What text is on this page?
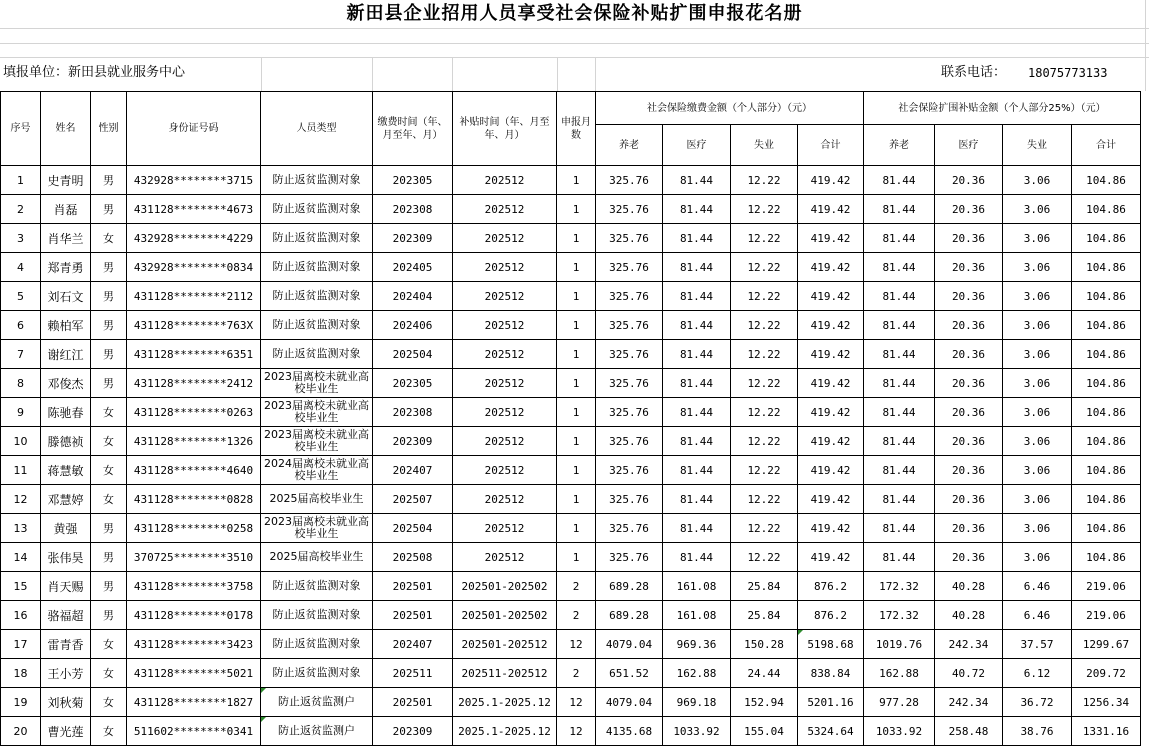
新田县企业招用人员享受社会保险补贴扩围申报花名册
填报单位：新田县就业服务中心	联系电话： 18075773133
序号	姓名	性别	身份证号码	人员类型	缴费时间（年、月至年、月）	补贴时间（年、月至年、月）	申报月数	社会保险缴费金额（个人部分）（元）				社会保险扩围补贴金额（个人部分25%）（元）			
								养老	医疗	失业	合计	养老	医疗	失业	合计
1	史青明	男	432928********3715	防止返贫监测对象	202305	202512	1	325.76	81.44	12.22	419.42	81.44	20.36	3.06	104.86
2	肖磊	男	431128********4673	防止返贫监测对象	202308	202512	1	325.76	81.44	12.22	419.42	81.44	20.36	3.06	104.86
3	肖华兰	女	432928********4229	防止返贫监测对象	202309	202512	1	325.76	81.44	12.22	419.42	81.44	20.36	3.06	104.86
4	郑青勇	男	432928********0834	防止返贫监测对象	202405	202512	1	325.76	81.44	12.22	419.42	81.44	20.36	3.06	104.86
5	刘石文	男	431128********2112	防止返贫监测对象	202404	202512	1	325.76	81.44	12.22	419.42	81.44	20.36	3.06	104.86
6	赖柏军	男	431128********763X	防止返贫监测对象	202406	202512	1	325.76	81.44	12.22	419.42	81.44	20.36	3.06	104.86
7	谢红江	男	431128********6351	防止返贫监测对象	202504	202512	1	325.76	81.44	12.22	419.42	81.44	20.36	3.06	104.86
8	邓俊杰	男	431128********2412	2023届离校未就业高校毕业生	202305	202512	1	325.76	81.44	12.22	419.42	81.44	20.36	3.06	104.86
9	陈驰春	女	431128********0263	2023届离校未就业高校毕业生	202308	202512	1	325.76	81.44	12.22	419.42	81.44	20.36	3.06	104.86
10	滕德祯	女	431128********1326	2023届离校未就业高校毕业生	202309	202512	1	325.76	81.44	12.22	419.42	81.44	20.36	3.06	104.86
11	蒋慧敏	女	431128********4640	2024届离校未就业高校毕业生	202407	202512	1	325.76	81.44	12.22	419.42	81.44	20.36	3.06	104.86
12	邓慧婷	女	431128********0828	2025届高校毕业生	202507	202512	1	325.76	81.44	12.22	419.42	81.44	20.36	3.06	104.86
13	黄强	男	431128********0258	2023届离校未就业高校毕业生	202504	202512	1	325.76	81.44	12.22	419.42	81.44	20.36	3.06	104.86
14	张伟昊	男	370725********3510	2025届高校毕业生	202508	202512	1	325.76	81.44	12.22	419.42	81.44	20.36	3.06	104.86
15	肖天赐	男	431128********3758	防止返贫监测对象	202501	202501-202502	2	689.28	161.08	25.84	876.2	172.32	40.28	6.46	219.06
16	骆福超	男	431128********0178	防止返贫监测对象	202501	202501-202502	2	689.28	161.08	25.84	876.2	172.32	40.28	6.46	219.06
17	雷青香	女	431128********3423	防止返贫监测对象	202407	202501-202512	12	4079.04	969.36	150.28	5198.68	1019.76	242.34	37.57	1299.67
18	王小芳	女	431128********5021	防止返贫监测对象	202511	202511-202512	2	651.52	162.88	24.44	838.84	162.88	40.72	6.12	209.72
19	刘秋菊	女	431128********1827	防止返贫监测户	202501	2025.1-2025.12	12	4079.04	969.18	152.94	5201.16	977.28	242.34	36.72	1256.34
20	曹光莲	女	511602********0341	防止返贫监测户	202309	2025.1-2025.12	12	4135.68	1033.92	155.04	5324.64	1033.92	258.48	38.76	1331.16
